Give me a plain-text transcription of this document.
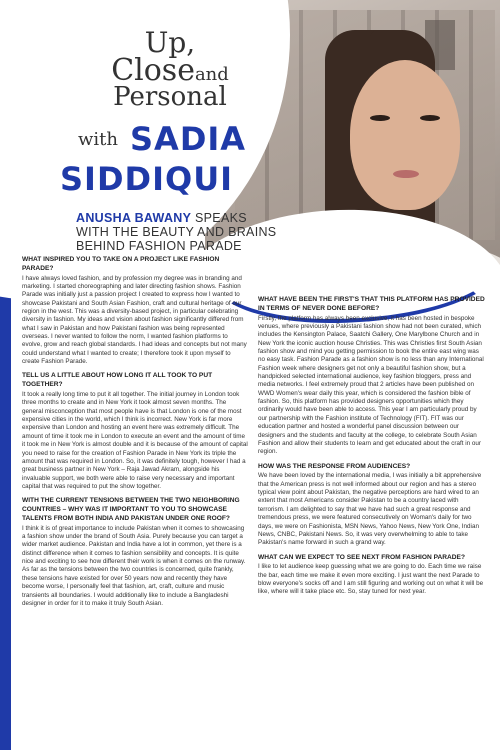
Up,
Closeand
Personal
with SADIA
SIDDIQUI
ANUSHA BAWANY SPEAKS WITH THE BEAUTY AND BRAINS BEHIND FASHION PARADE
WHAT INSPIRED YOU TO TAKE ON A PROJECT LIKE FASHION PARADE?
I have always loved fashion, and by profession my degree was in branding and marketing. I started choreographing and later directing fashion shows. Fashion Parade was initially just a passion project I created to express how I wanted to showcase Pakistani and South Asian Fashion, craft and cultural heritage of our region in the west. This was a diversity-based project, in particular celebrating diversity in fashion. My ideas and vision about fashion significantly differed from what I saw in Pakistan and how Pakistani fashion was being represented overseas. I never wanted to follow the norm, I wanted fashion platforms to evolve, grow and reach global standards. I had ideas and concepts but not many could understand what I wanted to create; I therefore took it upon myself to create Fashion Parade.
TELL US A LITTLE ABOUT HOW LONG IT ALL TOOK TO PUT TOGETHER?
It took a really long time to put it all together. The initial journey in London took three months to create and in New York it took almost seven months. The general misconception that most people have is that London is one of the most expensive cities in the world, which I think is incorrect. New York is far more expensive than London and hosting an event here was extremely difficult. The amount of time it took me in London to execute an event and the amount of time it took me in New York is almost double and it is because of the amount of capital you need to raise for the creation of Fashion Parade in New York its triple the amount that was required in London. So, it was definitely tough, however I had a great business partner in New York – Raja Jawad Akram, alongside his invaluable support, we both were able to raise very necessary and important capital that was required to put the show together.
WITH THE CURRENT TENSIONS BETWEEN THE TWO NEIGHBORING COUNTRIES – WHY WAS IT IMPORTANT TO YOU TO SHOWCASE TALENTS FROM BOTH INDIA AND PAKISTAN UNDER ONE ROOF?
I think it is of great importance to include Pakistan when it comes to showcasing a fashion show under the brand of South Asia. Purely because you can target a wider market audience. Pakistan and India have a lot in common, yet there is a distinct difference when it comes to fashion sensibility and concepts. It is quite nice and exciting to see how different their work is when it comes on the runway. As far as the tensions between the two countries is concerned, quite frankly, these tensions have existed for over 50 years now and recently they have become worse, I personally feel that fashion, art, craft, culture and music transients all boundaries. I would additionally like to include a Bangladeshi designer in order for it to make it truly South Asian.
WHAT HAVE BEEN THE FIRST'S THAT THIS PLATFORM HAS PROVIDED IN TERMS OF NEVER DONE BEFORE?
Firstly, the platform has always been exclusive, it has been hosted in bespoke venues, where previously a Pakistani fashion show had not been curated, which includes the Kensington Palace, Saatchi Gallery, One Marylbone Church and in New York the iconic auction house Christies. This was Christies first South Asian fashion show and mind you getting permission to book the entire east wing was no easy task. Fashion Parade as a fashion show is no less than any International Fashion week where designers get not only a beautiful fashion show, but a handpicked selected international audience, key fashion bloggers, press and media networks. I feel extremely proud that 2 articles have been published on WWD Women's wear daily this year, which is considered the fashion bible of fashion. So, this platform has provided designers opportunities which they ordinarily would have been able to access. This year I am particularly proud by our partnership with the Fashion institute of Technology (FIT). FIT was our education partner and hosted a wonderful panel discussion between our designers and the students and faculty at the college, to celebrate South Asian Fashion and allow their students to learn and get educated about the craft in our region.
HOW WAS THE RESPONSE FROM AUDIENCES?
We have been loved by the international media, I was initially a bit apprehensive that the American press is not well informed about our region and has a stereo typical view point about Pakistan, the negative perceptions are hard wired to an extent that most Americans consider Pakistan to be a country laced with terrorism. I am delighted to say that we have had such a great response and tremendous press, we were featured consecutively on Woman's daily for two days, we were on Fashionista, MSN News, Yahoo News, New York One, Indian News, CNBC, Pakistani News. So, it was very overwhelming to able to take Pakistan's name forward in such a grand way.
WHAT CAN WE EXPECT TO SEE NEXT FROM FASHION PARADE?
I like to let audience keep guessing what we are going to do. Each time we raise the bar, each time we make it even more exciting. I just want the next Parade to blow everyone's socks off and I am still figuring and working out on what it will be like, where will it take place etc. So, stay tuned for next year.
